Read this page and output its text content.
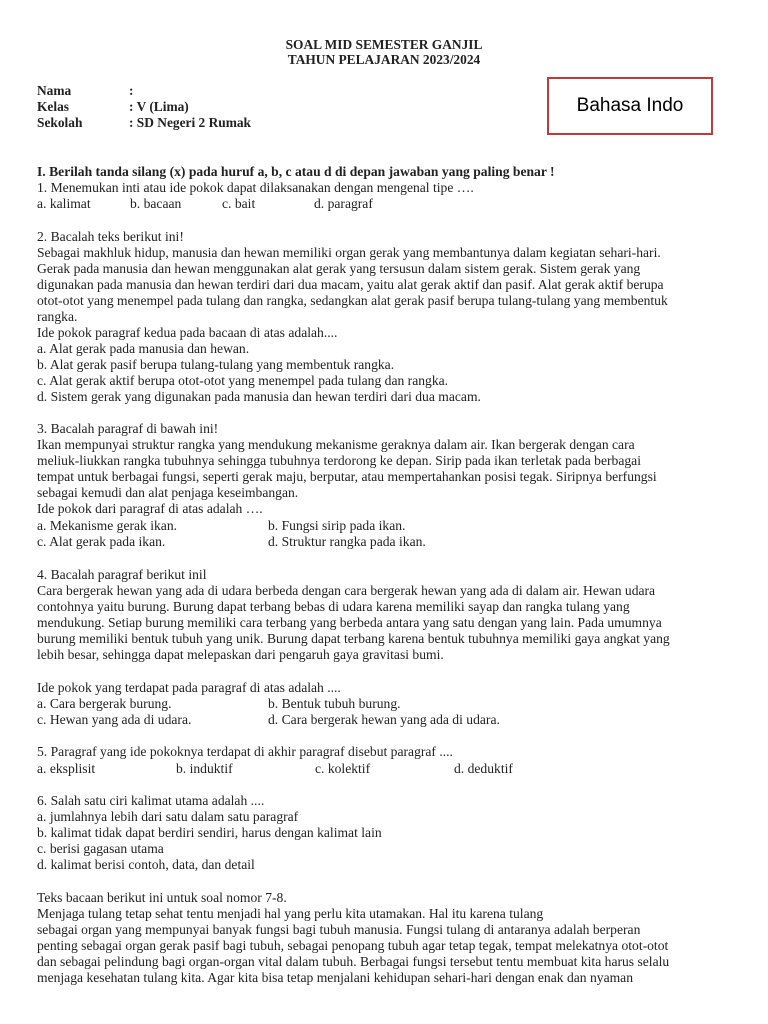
SOAL MID SEMESTER GANJIL
TAHUN PELAJARAN 2023/2024
Nama	:
Kelas	: V (Lima)
Sekolah	: SD Negeri 2 Rumak
Bahasa Indo
I. Berilah tanda silang (x) pada huruf a, b, c atau d di depan jawaban yang paling benar !
1. Menemukan inti atau ide pokok dapat dilaksanakan dengan mengenal tipe ….
a. kalimat	b. bacaan	c. bait	d. paragraf
2. Bacalah teks berikut ini!
Sebagai makhluk hidup, manusia dan hewan memiliki organ gerak yang membantunya dalam kegiatan sehari-hari.
Gerak pada manusia dan hewan menggunakan alat gerak yang tersusun dalam sistem gerak. Sistem gerak yang
digunakan pada manusia dan hewan terdiri dari dua macam, yaitu alat gerak aktif dan pasif. Alat gerak aktif berupa
otot-otot yang menempel pada tulang dan rangka, sedangkan alat gerak pasif berupa tulang-tulang yang membentuk
rangka.
Ide pokok paragraf kedua pada bacaan di atas adalah....
a. Alat gerak pada manusia dan hewan.
b. Alat gerak pasif berupa tulang-tulang yang membentuk rangka.
c. Alat gerak aktif berupa otot-otot yang menempel pada tulang dan rangka.
d. Sistem gerak yang digunakan pada manusia dan hewan terdiri dari dua macam.
3. Bacalah paragraf di bawah ini!
Ikan mempunyai struktur rangka yang mendukung mekanisme geraknya dalam air. Ikan bergerak dengan cara
meliuk-liukkan rangka tubuhnya sehingga tubuhnya terdorong ke depan. Sirip pada ikan terletak pada berbagai
tempat untuk berbagai fungsi, seperti gerak maju, berputar, atau mempertahankan posisi tegak. Siripnya berfungsi
sebagai kemudi dan alat penjaga keseimbangan.
Ide pokok dari paragraf di atas adalah ….
a. Mekanisme gerak ikan.	b. Fungsi sirip pada ikan.
c. Alat gerak pada ikan.	d. Struktur rangka pada ikan.
4. Bacalah paragraf berikut inil
Cara bergerak hewan yang ada di udara berbeda dengan cara bergerak hewan yang ada di dalam air. Hewan udara
contohnya yaitu burung. Burung dapat terbang bebas di udara karena memiliki sayap dan rangka tulang yang
mendukung. Setiap burung memiliki cara terbang yang berbeda antara yang satu dengan yang lain. Pada umumnya
burung memiliki bentuk tubuh yang unik. Burung dapat terbang karena bentuk tubuhnya memiliki gaya angkat yang
lebih besar, sehingga dapat melepaskan dari pengaruh gaya gravitasi bumi.
Ide pokok yang terdapat pada paragraf di atas adalah ....
a. Cara bergerak burung.	b. Bentuk tubuh burung.
c. Hewan yang ada di udara.	d. Cara bergerak hewan yang ada di udara.
5. Paragraf yang ide pokoknya terdapat di akhir paragraf disebut paragraf ....
a. eksplisit	b. induktif	c. kolektif	d. deduktif
6. Salah satu ciri kalimat utama adalah ....
a. jumlahnya lebih dari satu dalam satu paragraf
b. kalimat tidak dapat berdiri sendiri, harus dengan kalimat lain
c. berisi gagasan utama
d. kalimat berisi contoh, data, dan detail
Teks bacaan berikut ini untuk soal nomor 7-8.
Menjaga tulang tetap sehat tentu menjadi hal yang perlu kita utamakan. Hal itu karena tulang
sebagai organ yang mempunyai banyak fungsi bagi tubuh manusia. Fungsi tulang di antaranya adalah berperan
penting sebagai organ gerak pasif bagi tubuh, sebagai penopang tubuh agar tetap tegak, tempat melekatnya otot-otot
dan sebagai pelindung bagi organ-organ vital dalam tubuh. Berbagai fungsi tersebut tentu membuat kita harus selalu
menjaga kesehatan tulang kita. Agar kita bisa tetap menjalani kehidupan sehari-hari dengan enak dan nyaman
